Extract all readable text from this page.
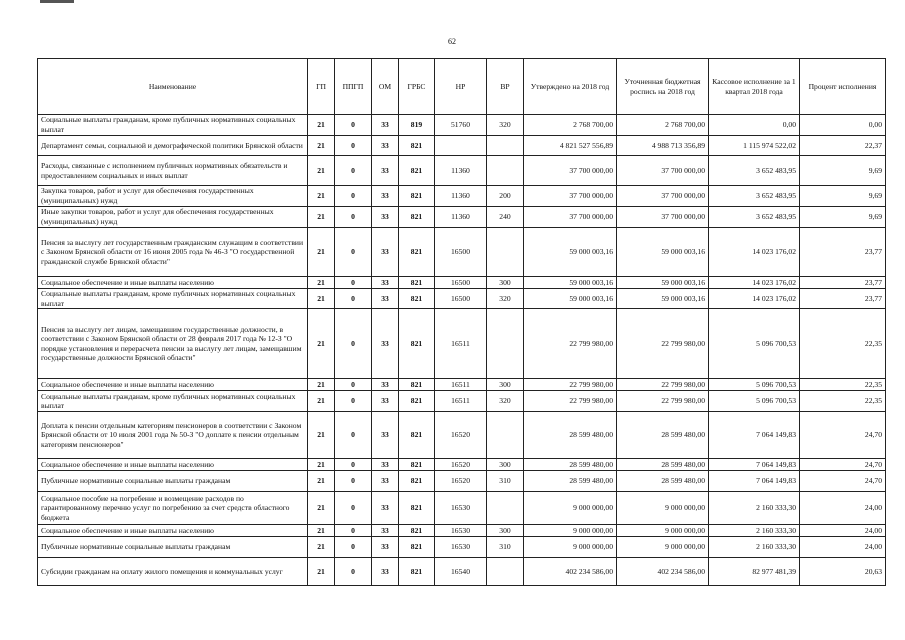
62
Наименование	ГП	ППГП	ОМ	ГРБС	НР	ВР	Утверждено на 2018 год	Уточненная бюджетная роспись на 2018 год	Кассовое исполнение за 1 квартал 2018 года	Процент исполнения
Социальные выплаты гражданам, кроме публичных нормативных социальных выплат	21	0	33	819	51760	320	2 768 700,00	2 768 700,00	0,00	0,00
Департамент семьи, социальной и демографической политики Брянской области	21	0	33	821			4 821 527 556,89	4 988 713 356,89	1 115 974 522,02	22,37
Расходы, связанные с исполнением публичных нормативных обязательств и предоставлением социальных и иных выплат	21	0	33	821	11360		37 700 000,00	37 700 000,00	3 652 483,95	9,69
Закупка товаров, работ и услуг для обеспечения государственных (муниципальных) нужд	21	0	33	821	11360	200	37 700 000,00	37 700 000,00	3 652 483,95	9,69
Иные закупки товаров, работ и услуг для обеспечения государственных (муниципальных) нужд	21	0	33	821	11360	240	37 700 000,00	37 700 000,00	3 652 483,95	9,69
Пенсия за выслугу лет государственным гражданским служащим в соответствии с Законом Брянской области от 16 июня 2005 года № 46-З "О государственной гражданской службе Брянской области"	21	0	33	821	16500		59 000 003,16	59 000 003,16	14 023 176,02	23,77
Социальное обеспечение и иные выплаты населению	21	0	33	821	16500	300	59 000 003,16	59 000 003,16	14 023 176,02	23,77
Социальные выплаты гражданам, кроме публичных нормативных социальных выплат	21	0	33	821	16500	320	59 000 003,16	59 000 003,16	14 023 176,02	23,77
Пенсия за выслугу лет лицам, замещавшим государственные должности, в соответствии с Законом Брянской области от 28 февраля 2017 года № 12-З "О порядке установления и перерасчета пенсии за выслугу лет лицам, замещавшим государственные должности Брянской области"	21	0	33	821	16511		22 799 980,00	22 799 980,00	5 096 700,53	22,35
Социальное обеспечение и иные выплаты населению	21	0	33	821	16511	300	22 799 980,00	22 799 980,00	5 096 700,53	22,35
Социальные выплаты гражданам, кроме публичных нормативных социальных выплат	21	0	33	821	16511	320	22 799 980,00	22 799 980,00	5 096 700,53	22,35
Доплата к пенсии отдельным категориям пенсионеров в соответствии с Законом Брянской области от 10 июля 2001 года № 50-З "О доплате к пенсии отдельным категориям пенсионеров"	21	0	33	821	16520		28 599 480,00	28 599 480,00	7 064 149,83	24,70
Социальное обеспечение и иные выплаты населению	21	0	33	821	16520	300	28 599 480,00	28 599 480,00	7 064 149,83	24,70
Публичные нормативные социальные выплаты гражданам	21	0	33	821	16520	310	28 599 480,00	28 599 480,00	7 064 149,83	24,70
Социальное пособие на погребение и возмещение расходов по гарантированному перечню услуг по погребению за счет средств областного бюджета	21	0	33	821	16530		9 000 000,00	9 000 000,00	2 160 333,30	24,00
Социальное обеспечение и иные выплаты населению	21	0	33	821	16530	300	9 000 000,00	9 000 000,00	2 160 333,30	24,00
Публичные нормативные социальные выплаты гражданам	21	0	33	821	16530	310	9 000 000,00	9 000 000,00	2 160 333,30	24,00
Субсидии гражданам на оплату жилого помещения и коммунальных услуг	21	0	33	821	16540		402 234 586,00	402 234 586,00	82 977 481,39	20,63
